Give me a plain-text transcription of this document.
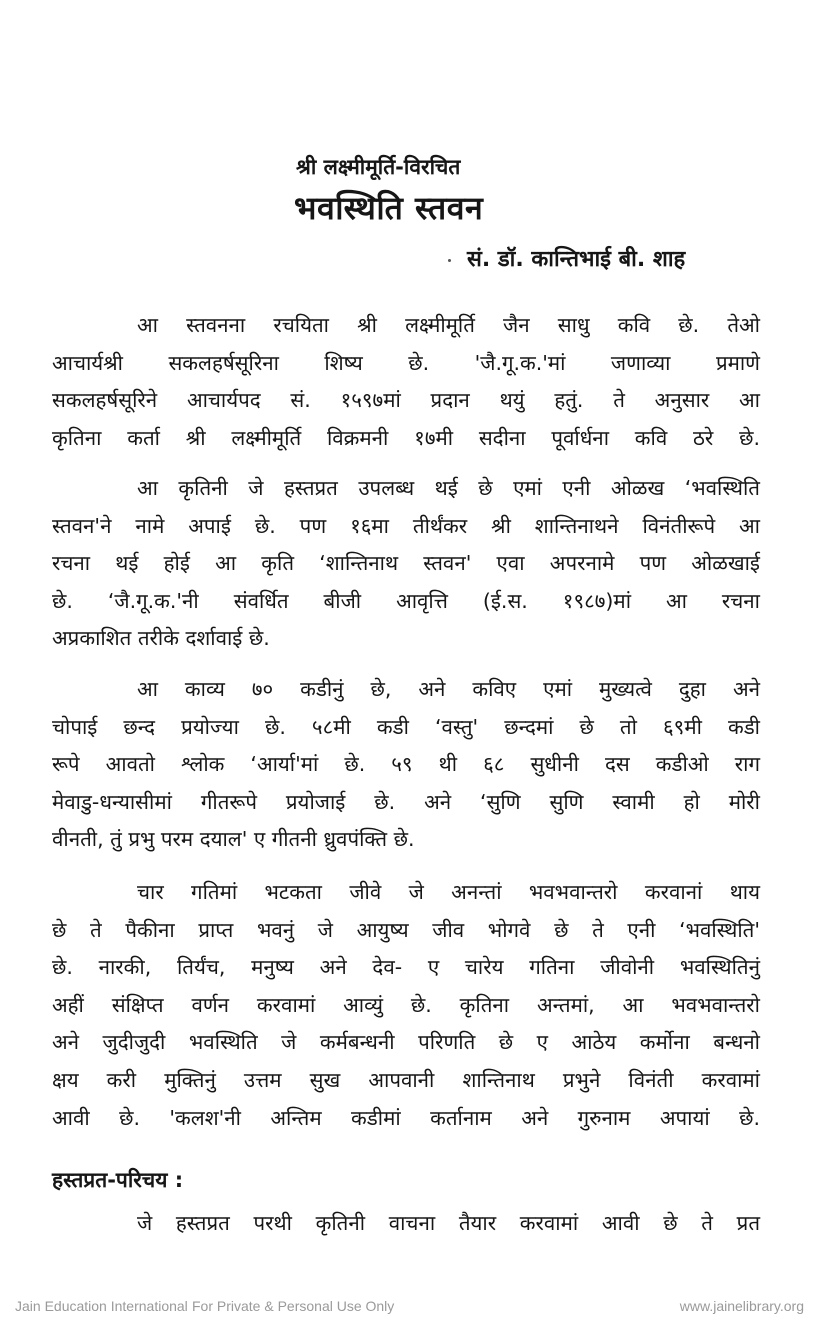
श्री लक्ष्मीमूर्ति-विरचित
भवस्थिति स्तवन
सं. डॉ. कान्तिभाई बी. शाह
आ स्तवनना रचयिता श्री लक्ष्मीमूर्ति जैन साधु कवि छे. तेओ
आचार्यश्री सकलहर्षसूरिना शिष्य छे. 'जै.गू.क.'मां जणाव्या प्रमाणे
सकलहर्षसूरिने आचार्यपद सं. १५९७मां प्रदान थयुं हतुं. ते अनुसार आ
कृतिना कर्ता श्री लक्ष्मीमूर्ति विक्रमनी १७मी सदीना पूर्वार्धना कवि ठरे छे.
आ कृतिनी जे हस्तप्रत उपलब्ध थई छे एमां एनी ओळख ‘भवस्थिति
स्तवन'ने नामे अपाई छे. पण १६मा तीर्थंकर श्री शान्तिनाथने विनंतीरूपे आ
रचना थई होई आ कृति ‘शान्तिनाथ स्तवन' एवा अपरनामे पण ओळखाई
छे. ‘जै.गू.क.'नी संवर्धित बीजी आवृत्ति (ई.स. १९८७)मां आ रचना
अप्रकाशित तरीके दर्शावाई छे.
आ काव्य ७० कडीनुं छे, अने कविए एमां मुख्यत्वे दुहा अने
चोपाई छन्द प्रयोज्या छे. ५८मी कडी ‘वस्तु' छन्दमां छे तो ६९मी कडी
रूपे आवतो श्लोक ‘आर्या'मां छे. ५९ थी ६८ सुधीनी दस कडीओ राग
मेवाडु-धन्यासीमां गीतरूपे प्रयोजाई छे. अने ‘सुणि सुणि स्वामी हो मोरी
वीनती, तुं प्रभु परम दयाल' ए गीतनी ध्रुवपंक्ति छे.
चार गतिमां भटकता जीवे जे अनन्तां भवभवान्तरो करवानां थाय
छे ते पैकीना प्राप्त भवनुं जे आयुष्य जीव भोगवे छे ते एनी ‘भवस्थिति'
छे. नारकी, तिर्यंच, मनुष्य अने देव- ए चारेय गतिना जीवोनी भवस्थितिनुं
अहीं संक्षिप्त वर्णन करवामां आव्युं छे. कृतिना अन्तमां, आ भवभवान्तरो
अने जुदीजुदी भवस्थिति जे कर्मबन्धनी परिणति छे ए आठेय कर्मोना बन्धनो
क्षय करी मुक्तिनुं उत्तम सुख आपवानी शान्तिनाथ प्रभुने विनंती करवामां
आवी छे. 'कलश'नी अन्तिम कडीमां कर्तानाम अने गुरुनाम अपायां छे.
हस्तप्रत-परिचय :
जे हस्तप्रत परथी कृतिनी वाचना तैयार करवामां आवी छे ते प्रत
Jain Education International For Private & Personal Use Only	www.jainelibrary.org
